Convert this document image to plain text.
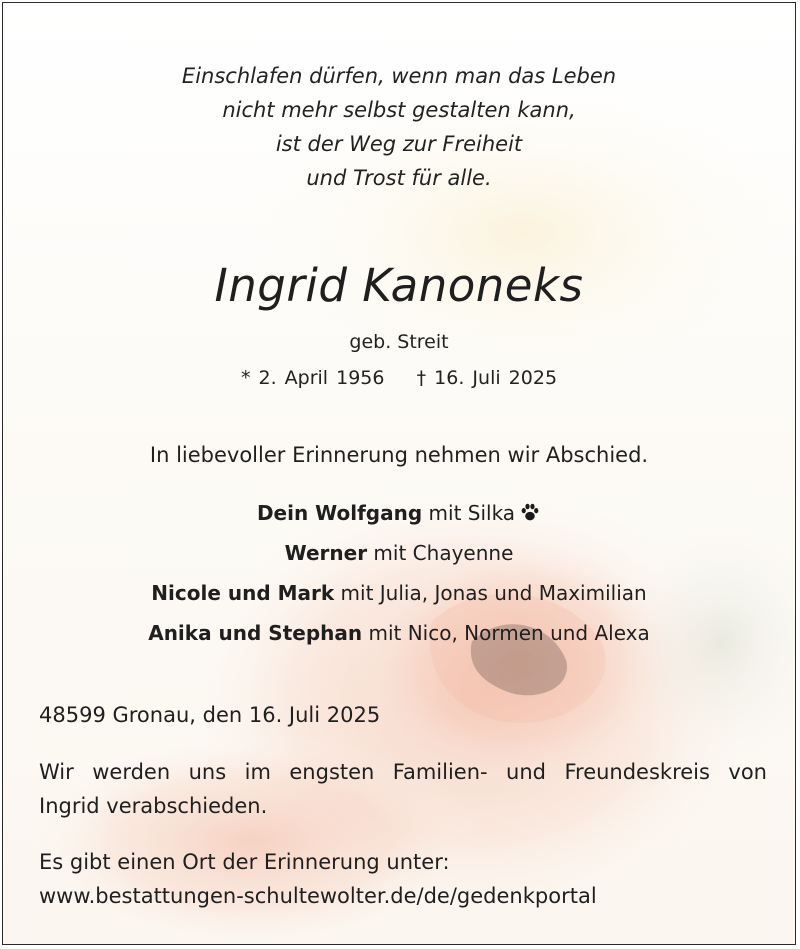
Einschlafen dürfen, wenn man das Leben
nicht mehr selbst gestalten kann,
ist der Weg zur Freiheit
und Trost für alle.
Ingrid Kanoneks
geb. Streit
* 2. April 1956 † 16. Juli 2025
In liebevoller Erinnerung nehmen wir Abschied.
Dein Wolfgang mit Silka
Werner mit Chayenne
Nicole und Mark mit Julia, Jonas und Maximilian
Anika und Stephan mit Nico, Normen und Alexa
48599 Gronau, den 16. Juli 2025
Wir werden uns im engsten Familien- und Freundeskreis von
Ingrid verabschieden.
Es gibt einen Ort der Erinnerung unter:
www.bestattungen-schultewolter.de/de/gedenkportal
